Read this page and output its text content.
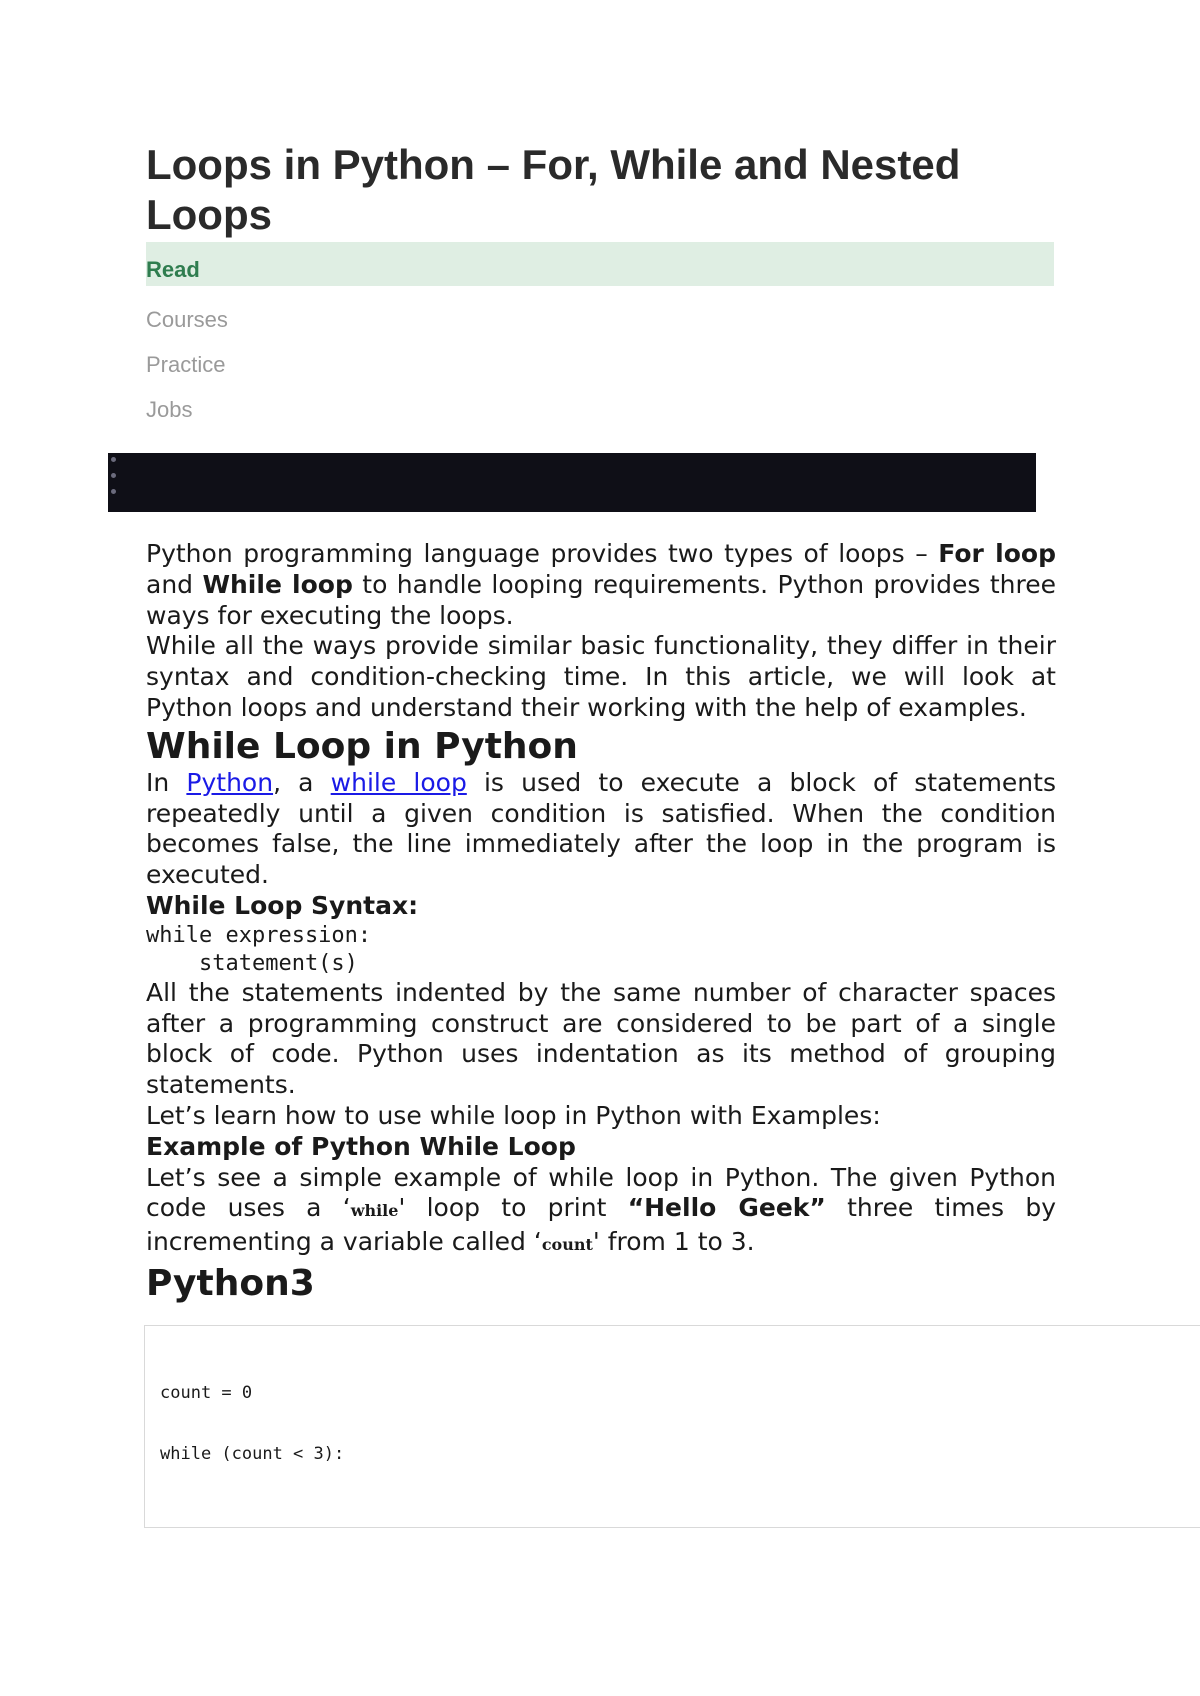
Loops in Python – For, While and Nested Loops
Read
Courses
Practice
Jobs

Python programming language provides two types of loops – For loop and While loop to handle looping requirements. Python provides three ways for executing the loops.

While all the ways provide similar basic functionality, they differ in their syntax and condition-checking time. In this article, we will look at Python loops and understand their working with the help of examples.

While Loop in Python

In Python, a while loop is used to execute a block of statements repeatedly until a given condition is satisfied. When the condition becomes false, the line immediately after the loop in the program is executed.

While Loop Syntax:
while expression:
statement(s)

All the statements indented by the same number of character spaces after a programming construct are considered to be part of a single block of code. Python uses indentation as its method of grouping statements.

Let’s learn how to use while loop in Python with Examples:

Example of Python While Loop

Let’s see a simple example of while loop in Python. The given Python code uses a ‘while' loop to print “Hello Geek” three times by incrementing a variable called ‘count' from 1 to 3.

Python3
count = 0
while (count < 3):
